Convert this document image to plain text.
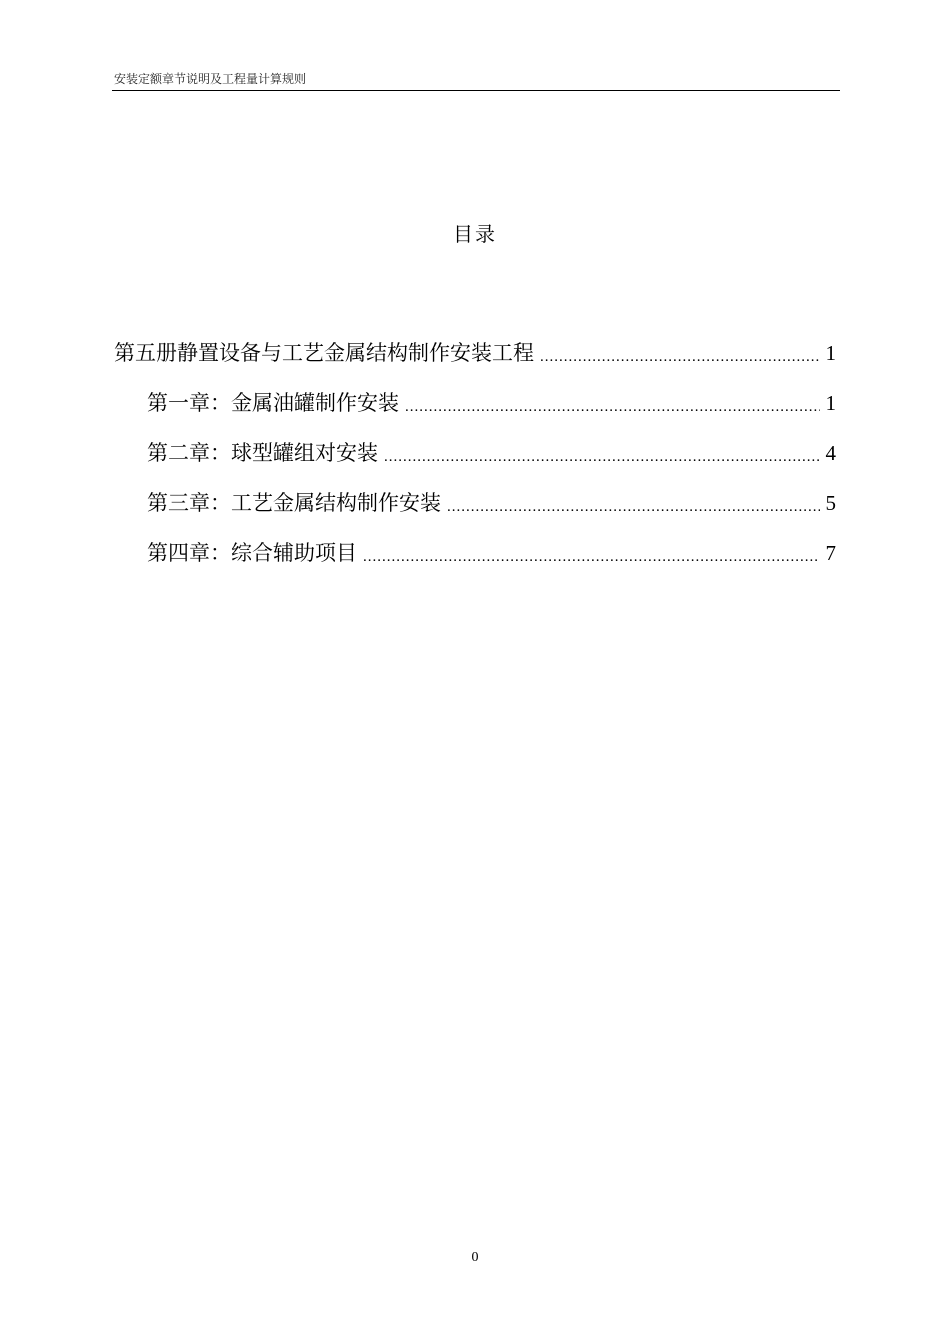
安装定额章节说明及工程量计算规则
目录
第五册静置设备与工艺金属结构制作安装工程 .....	1
第一章：金属油罐制作安装 .....	1
第二章：球型罐组对安装 .....	4
第三章：工艺金属结构制作安装 .....	5
第四章：综合辅助项目 .....	7
0
